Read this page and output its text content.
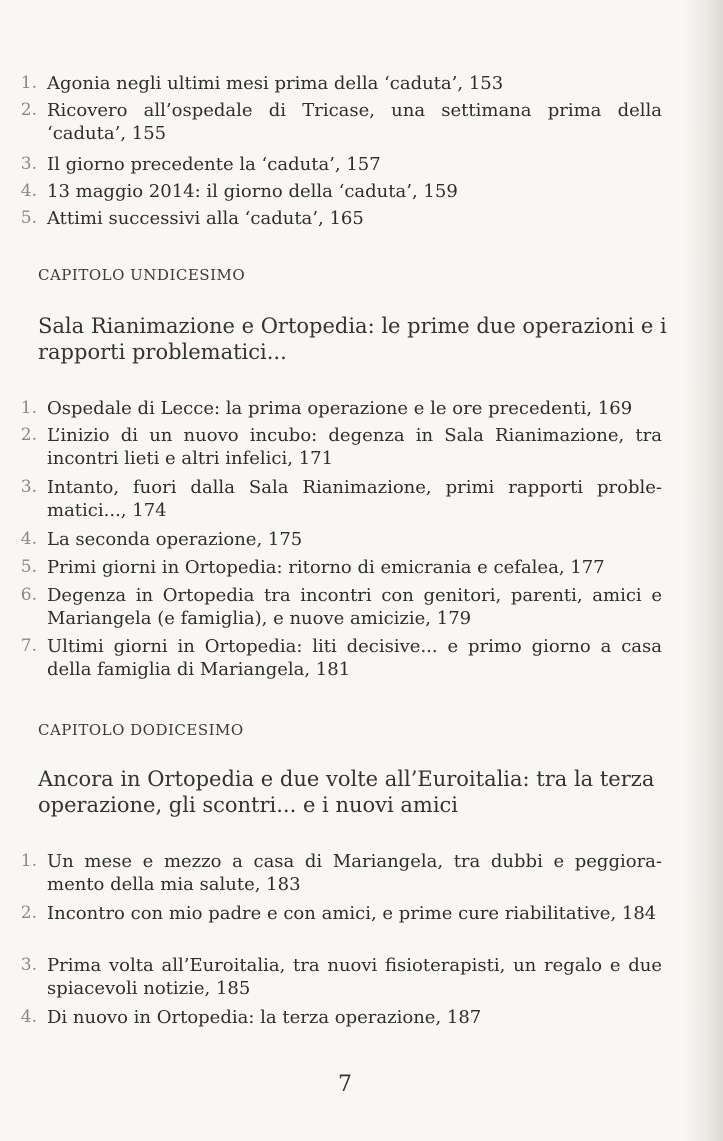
1. Agonia negli ultimi mesi prima della ‘caduta’, 153
2. Ricovero all’ospedale di Tricase, una settimana prima della ‘caduta’, 155
3. Il giorno precedente la ‘caduta’, 157
4. 13 maggio 2014: il giorno della ‘caduta’, 159
5. Attimi successivi alla ‘caduta’, 165
CAPITOLO UNDICESIMO
Sala Rianimazione e Ortopedia: le prime due operazioni e i rapporti problematici...
1. Ospedale di Lecce: la prima operazione e le ore precedenti, 169
2. L’inizio di un nuovo incubo: degenza in Sala Rianimazione, tra incontri lieti e altri infelici, 171
3. Intanto, fuori dalla Sala Rianimazione, primi rapporti proble-matici..., 174
4. La seconda operazione, 175
5. Primi giorni in Ortopedia: ritorno di emicrania e cefalea, 177
6. Degenza in Ortopedia tra incontri con genitori, parenti, amici e Mariangela (e famiglia), e nuove amicizie, 179
7. Ultimi giorni in Ortopedia: liti decisive... e primo giorno a casa della famiglia di Mariangela, 181
CAPITOLO DODICESIMO
Ancora in Ortopedia e due volte all’Euroitalia: tra la terza operazione, gli scontri... e i nuovi amici
1. Un mese e mezzo a casa di Mariangela, tra dubbi e peggiora-mento della mia salute, 183
2. Incontro con mio padre e con amici, e prime cure riabilitative, 184
3. Prima volta all’Euroitalia, tra nuovi fisioterapisti, un regalo e due spiacevoli notizie, 185
4. Di nuovo in Ortopedia: la terza operazione, 187
7
